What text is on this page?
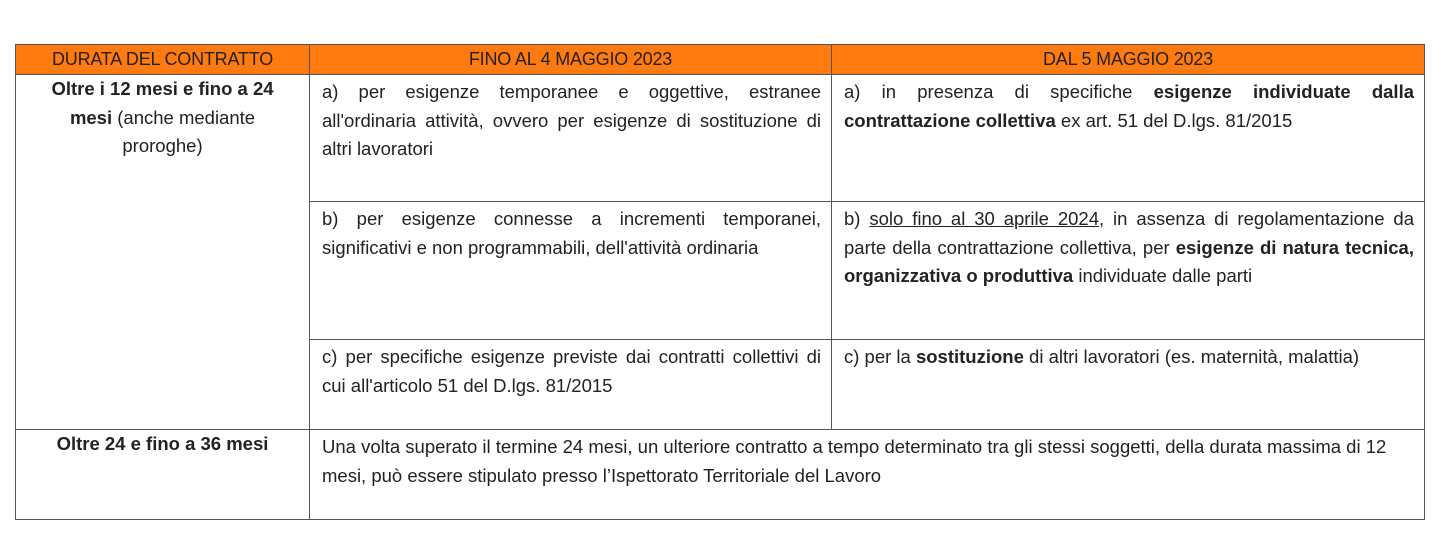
DURATA DEL CONTRATTO	FINO AL 4 MAGGIO 2023	DAL 5 MAGGIO 2023
Oltre i 12 mesi e fino a 24 mesi (anche mediante proroghe)	a) per esigenze temporanee e oggettive, estranee all'ordinaria attività, ovvero per esigenze di sostituzione di altri lavoratori	a) in presenza di specifiche esigenze individuate dalla contrattazione collettiva ex art. 51 del D.lgs. 81/2015
	b) per esigenze connesse a incrementi temporanei, significativi e non programmabili, dell'attività ordinaria	b) solo fino al 30 aprile 2024, in assenza di regolamentazione da parte della contrattazione collettiva, per esigenze di natura tecnica, organizzativa o produttiva individuate dalle parti
	c) per specifiche esigenze previste dai contratti collettivi di cui all'articolo 51 del D.lgs. 81/2015	c) per la sostituzione di altri lavoratori (es. maternità, malattia)
Oltre 24 e fino a 36 mesi	Una volta superato il termine 24 mesi, un ulteriore contratto a tempo determinato tra gli stessi soggetti, della durata massima di 12 mesi, può essere stipulato presso l’Ispettorato Territoriale del Lavoro	
